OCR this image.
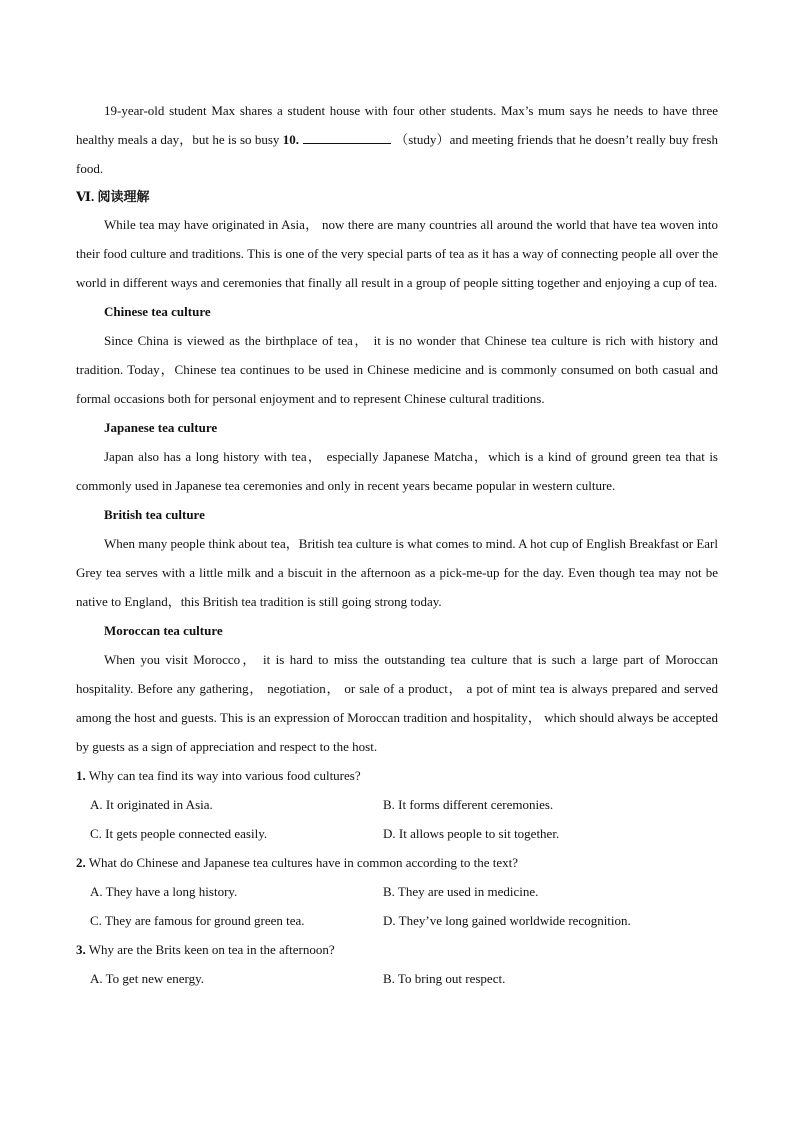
19-year-old student Max shares a student house with four other students. Max’s mum says he needs to have three healthy meals a day，but he is so busy 10.	（study）and meeting friends that he doesn’t really buy fresh food.

Ⅵ. 阅读理解

While tea may have originated in Asia， now there are many countries all around the world that have tea woven into their food culture and traditions. This is one of the very special parts of tea as it has a way of connecting people all over the world in different ways and ceremonies that finally all result in a group of people sitting together and enjoying a cup of tea.

Chinese tea culture

Since China is viewed as the birthplace of tea， it is no wonder that Chinese tea culture is rich with history and tradition. Today，Chinese tea continues to be used in Chinese medicine and is commonly consumed on both casual and formal occasions both for personal enjoyment and to represent Chinese cultural traditions.

Japanese tea culture

Japan also has a long history with tea， especially Japanese Matcha，which is a kind of ground green tea that is commonly used in Japanese tea ceremonies and only in recent years became popular in western culture.

British tea culture

When many people think about tea，British tea culture is what comes to mind. A hot cup of English Breakfast or Earl Grey tea serves with a little milk and a biscuit in the afternoon as a pick-me-up for the day. Even though tea may not be native to England，this British tea tradition is still going strong today.

Moroccan tea culture

When you visit Morocco， it is hard to miss the outstanding tea culture that is such a large part of Moroccan hospitality. Before any gathering， negotiation， or sale of a product， a pot of mint tea is always prepared and served among the host and guests. This is an expression of Moroccan tradition and hospitality， which should always be accepted by guests as a sign of appreciation and respect to the host.

1. Why can tea find its way into various food cultures?
A. It originated in Asia.	B. It forms different ceremonies.
C. It gets people connected easily.	D. It allows people to sit together.
2. What do Chinese and Japanese tea cultures have in common according to the text?
A. They have a long history.	B. They are used in medicine.
C. They are famous for ground green tea.	D. They’ve long gained worldwide recognition.
3. Why are the Brits keen on tea in the afternoon?
A. To get new energy.	B. To bring out respect.
